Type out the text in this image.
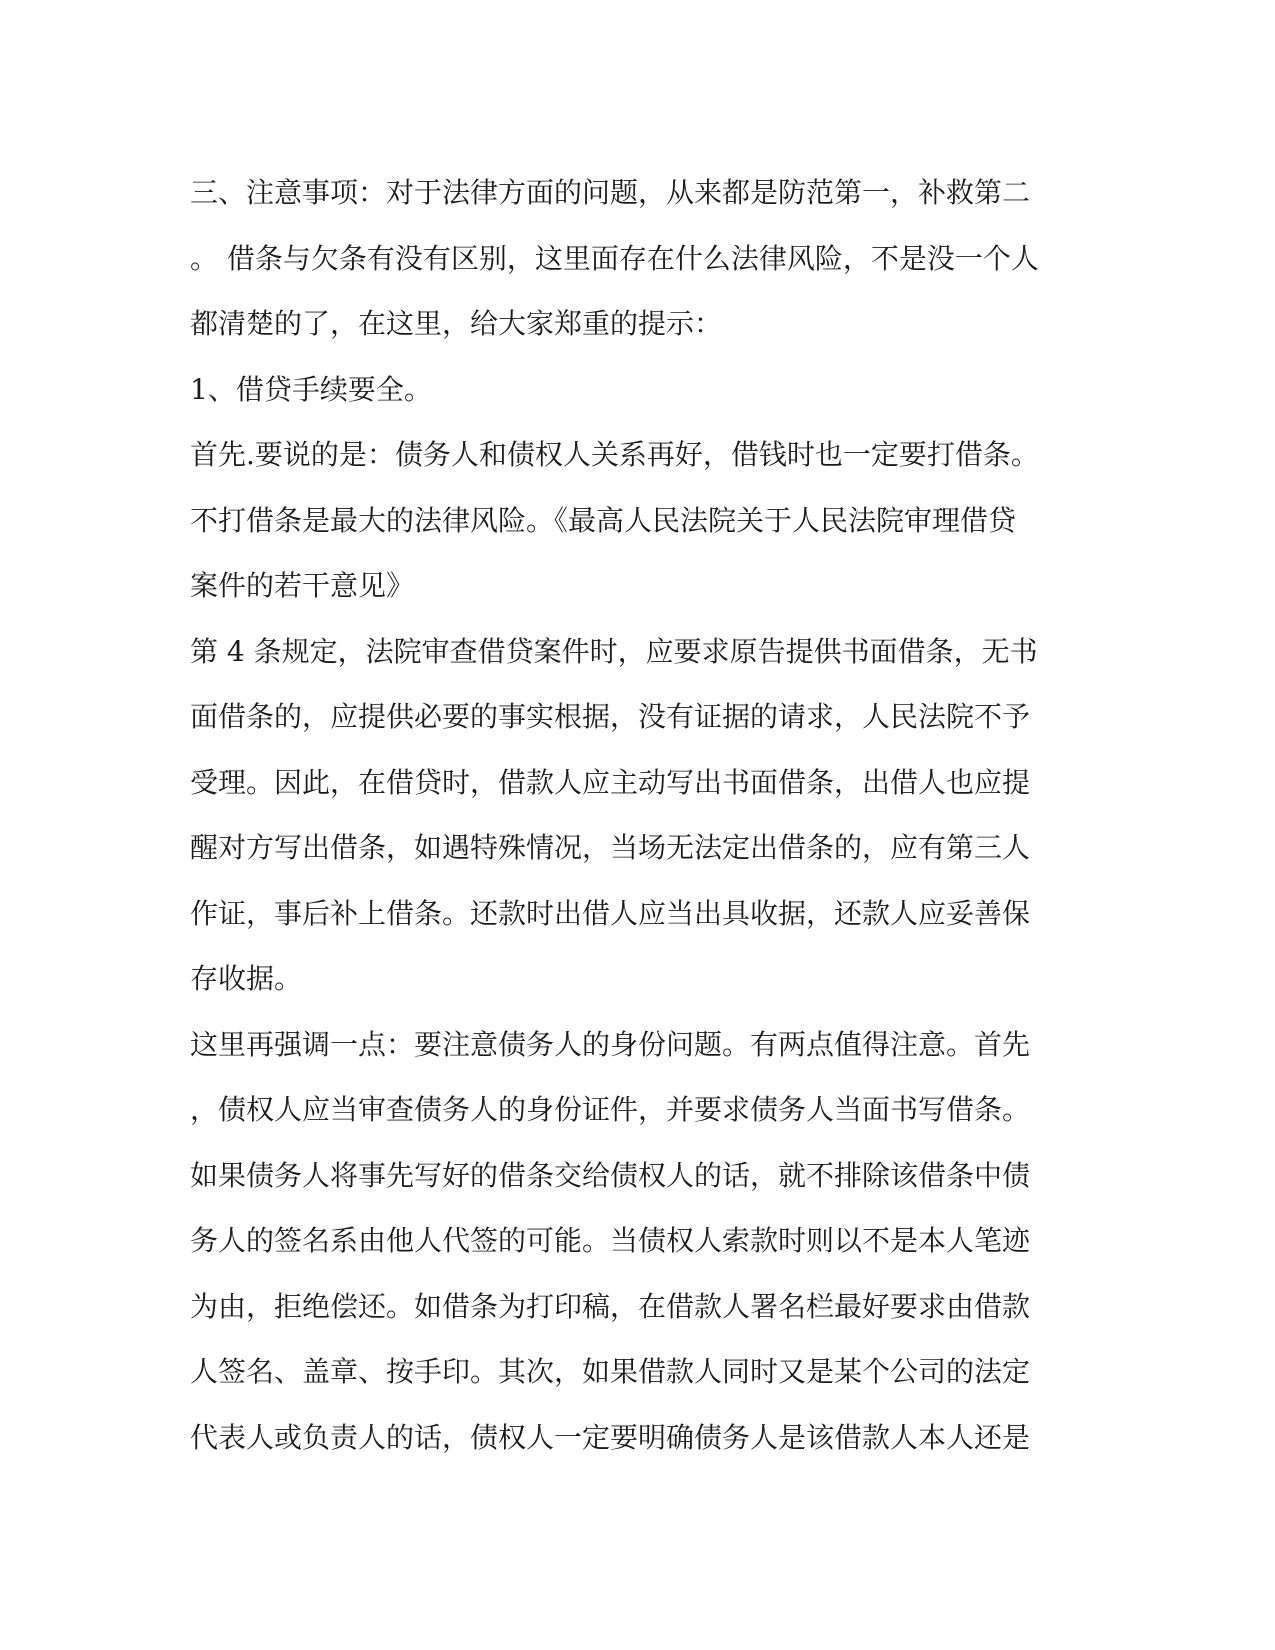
三、注意事项：对于法律方面的问题，从来都是防范第一，补救第二
。 借条与欠条有没有区别，这里面存在什么法律风险，不是没一个人
都清楚的了，在这里，给大家郑重的提示：
1、借贷手续要全。
首先.要说的是：债务人和债权人关系再好，借钱时也一定要打借条。
不打借条是最大的法律风险。《最高人民法院关于人民法院审理借贷
案件的若干意见》
第 4 条规定，法院审查借贷案件时，应要求原告提供书面借条，无书
面借条的，应提供必要的事实根据，没有证据的请求，人民法院不予
受理。因此，在借贷时，借款人应主动写出书面借条，出借人也应提
醒对方写出借条，如遇特殊情况，当场无法定出借条的，应有第三人
作证，事后补上借条。还款时出借人应当出具收据，还款人应妥善保
存收据。
这里再强调一点：要注意债务人的身份问题。有两点值得注意。首先
，债权人应当审查债务人的身份证件，并要求债务人当面书写借条。
如果债务人将事先写好的借条交给债权人的话，就不排除该借条中债
务人的签名系由他人代签的可能。当债权人索款时则以不是本人笔迹
为由，拒绝偿还。如借条为打印稿，在借款人署名栏最好要求由借款
人签名、盖章、按手印。其次，如果借款人同时又是某个公司的法定
代表人或负责人的话，债权人一定要明确债务人是该借款人本人还是
